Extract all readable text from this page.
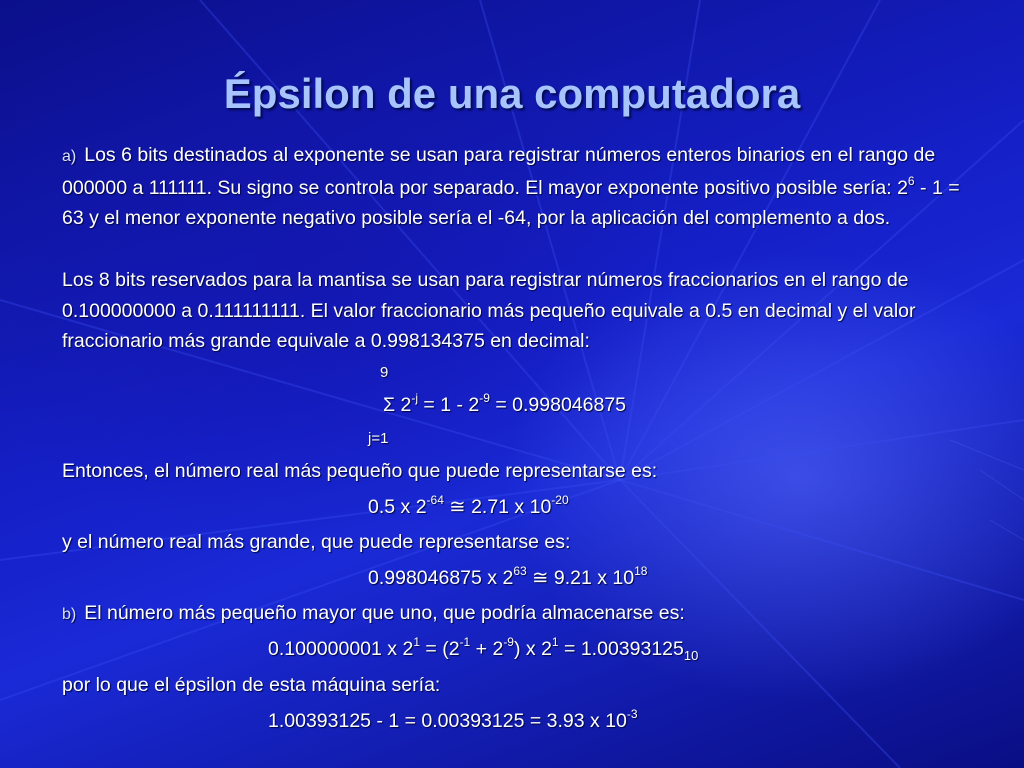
Épsilon de una computadora
a) Los 6 bits destinados al exponente se usan para registrar números enteros binarios en el rango de 000000 a 111111. Su signo se controla por separado. El mayor exponente positivo posible sería: $2^6 - 1 = 63$ y el menor exponente negativo posible sería el -64, por la aplicación del complemento a dos.
Los 8 bits reservados para la mantisa se usan para registrar números fraccionarios en el rango de 0.100000000 a 0.111111111. El valor fraccionario más pequeño equivale a 0.5 en decimal y el valor fraccionario más grande equivale a 0.998134375 en decimal:
9
Σ $2^{-j} = 1 - 2^{-9} = 0.998046875$
j=1
Entonces, el número real más pequeño que puede representarse es:
0.5 x $2^{-64}$ ≅ 2.71 x $10^{-20}$
y el número real más grande, que puede representarse es:
0.998046875 x $2^{63}$ ≅ 9.21 x $10^{18}$
b) El número más pequeño mayor que uno, que podría almacenarse es:
0.100000001 x $2^1 = (2^{-1} + 2^{-9})$ x $2^1 = 1.00393125_{10}$
por lo que el épsilon de esta máquina sería:
1.00393125 - 1 = 0.00393125 = 3.93 x $10^{-3}$
